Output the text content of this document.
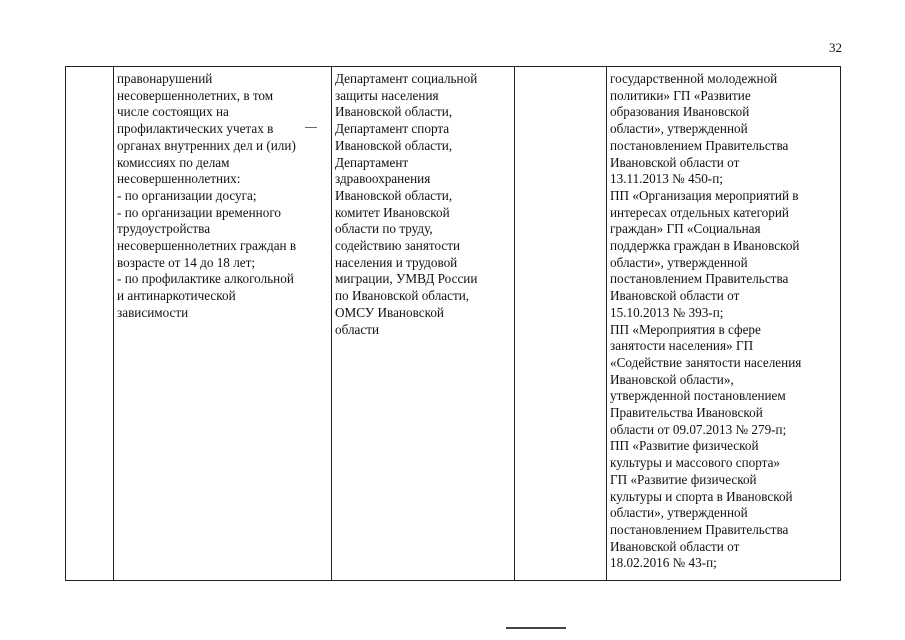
32
	правонарушений
несовершеннолетних, в том
числе состоящих на
профилактических учетах в
органах внутренних дел и (или)
комиссиях по делам
несовершеннолетних:
- по организации досуга;
- по организации временного
трудоустройства
несовершеннолетних граждан в
возрасте от 14 до 18 лет;
- по профилактике алкогольной
и антинаркотической
зависимости	Департамент социальной
защиты населения
Ивановской области,
Департамент спорта
Ивановской области,
Департамент
здравоохранения
Ивановской области,
комитет Ивановской
области по труду,
содействию занятости
населения и трудовой
миграции, УМВД России
по Ивановской области,
ОМСУ Ивановской
области		государственной молодежной
политики» ГП «Развитие
образования Ивановской
области», утвержденной
постановлением Правительства
Ивановской области от
13.11.2013 № 450-п;
ПП «Организация мероприятий в
интересах отдельных категорий
граждан» ГП «Социальная
поддержка граждан в Ивановской
области», утвержденной
постановлением Правительства
Ивановской области от
15.10.2013 № 393-п;
ПП «Мероприятия в сфере
занятости населения» ГП
«Содействие занятости населения
Ивановской области»,
утвержденной постановлением
Правительства Ивановской
области от 09.07.2013 № 279-п;
ПП «Развитие физической
культуры и массового спорта»
ГП «Развитие физической
культуры и спорта в Ивановской
области», утвержденной
постановлением Правительства
Ивановской области от
18.02.2016 № 43-п;
